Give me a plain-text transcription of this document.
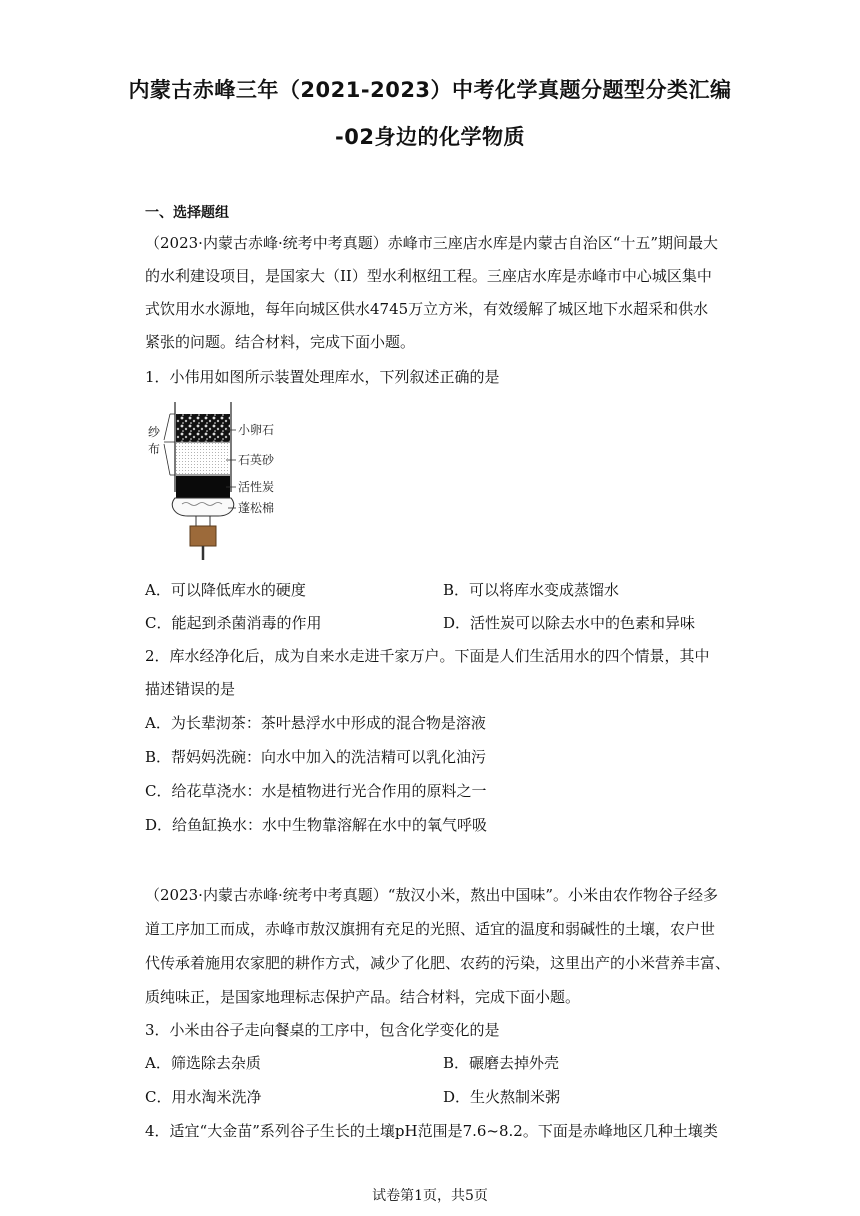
内蒙古赤峰三年（2021-2023）中考化学真题分题型分类汇编
-02身边的化学物质
一、选择题组
（2023·内蒙古赤峰·统考中考真题）赤峰市三座店水库是内蒙古自治区“十五”期间最大
的水利建设项目，是国家大（II）型水利枢纽工程。三座店水库是赤峰市中心城区集中
式饮用水水源地，每年向城区供水4745万立方米，有效缓解了城区地下水超采和供水
紧张的问题。结合材料，完成下面小题。
1．小伟用如图所示装置处理库水，下列叙述正确的是
纱
布
小卵石
石英砂
活性炭
蓬松棉
A．可以降低库水的硬度	B．可以将库水变成蒸馏水
C．能起到杀菌消毒的作用	D．活性炭可以除去水中的色素和异味
2．库水经净化后，成为自来水走进千家万户。下面是人们生活用水的四个情景，其中
描述错误的是
A．为长辈沏茶：茶叶悬浮水中形成的混合物是溶液
B．帮妈妈洗碗：向水中加入的洗洁精可以乳化油污
C．给花草浇水：水是植物进行光合作用的原料之一
D．给鱼缸换水：水中生物靠溶解在水中的氧气呼吸
（2023·内蒙古赤峰·统考中考真题）“敖汉小米，熬出中国味”。小米由农作物谷子经多
道工序加工而成，赤峰市敖汉旗拥有充足的光照、适宜的温度和弱碱性的土壤，农户世
代传承着施用农家肥的耕作方式，减少了化肥、农药的污染，这里出产的小米营养丰富、
质纯味正，是国家地理标志保护产品。结合材料，完成下面小题。
3．小米由谷子走向餐桌的工序中，包含化学变化的是
A．筛选除去杂质	B．碾磨去掉外壳
C．用水淘米洗净	D．生火熬制米粥
4．适宜“大金苗”系列谷子生长的土壤pH范围是7.6~8.2。下面是赤峰地区几种土壤类
试卷第1页，共5页
